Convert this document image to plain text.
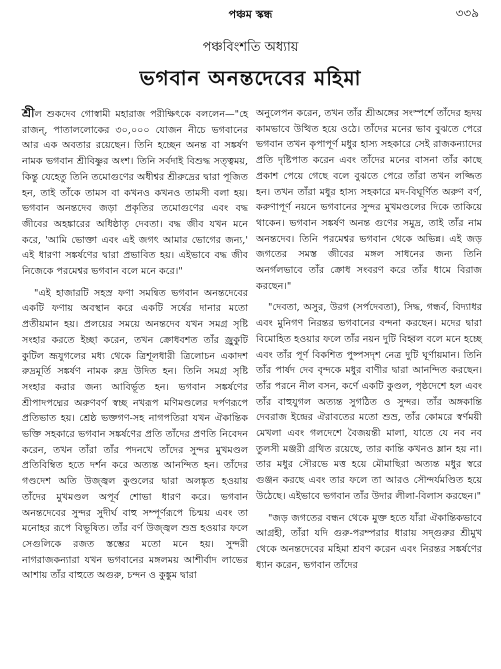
পঞ্চম স্কন্ধ	৩৩৯
পঞ্চবিংশতি অধ্যায়
ভগবান অনন্তদেবের মহিমা

শ্রীল শুকদেব গোস্বামী মহারাজ পরীক্ষিৎকে বললেন—"হে রাজন্, পাতাললোকের ৩০,০০০ যোজন নীচে ভগবানের আর এক অবতার রয়েছেন। তিনি হচ্ছেন অনন্ত বা সঙ্কর্ষণ নামক ভগবান শ্রীবিষ্ণুর অংশ। তিনি সর্বদাই বিশুদ্ধ সত্ত্বময়, কিন্তু যেহেতু তিনি তমোগুণের অধীশ্বর শ্রীরুদ্রের দ্বারা পূজিত হন, তাই তাঁকে তামস বা কখনও কখনও তামসী বলা হয়। ভগবান অনন্তদেব জড়া প্রকৃতির তমোগুণের এবং বদ্ধ জীবের অহঙ্কারের অধিষ্ঠাতৃ দেবতা। বদ্ধ জীব যখন মনে করে, 'আমি ভোক্তা এবং এই জগৎ আমার ভোগের জন্য,' এই ধারণা সঙ্কর্ষণের দ্বারা প্রভাবিত হয়। এইভাবে বদ্ধ জীব নিজেকে পরমেশ্বর ভগবান বলে মনে করে।"

"এই হাজারটি সহস্র ফণা সমন্বিত ভগবান অনন্তদেবের একটি ফণায় অবস্থান করে একটি সর্ষের দানার মতো প্রতীয়মান হয়। প্রলয়ের সময়ে অনন্তদেব যখন সমগ্র সৃষ্টি সংহার করতে ইচ্ছা করেন, তখন ক্রোধবশত তাঁর জ্রুকুটি কুটিল ভ্রূযুগলের মধ্য থেকে ত্রিশূলধারী ত্রিলোচন একাদশ রুদ্রমূর্তি সঙ্কর্ষণ নামক রুদ্র উদিত হন। তিনি সমগ্র সৃষ্টি সংহার করার জন্য আবির্ভূত হন। ভগবান সঙ্কর্ষণের শ্রীপাদপদ্মের অরুণবর্ণ স্বচ্ছ নখরূপ মণিমণ্ডলের দর্পণরূপে প্রতিভাত হয়। শ্রেষ্ঠ ভক্তগণ-সহ নাগপতিরা যখন ঐকান্তিক ভক্তি সহকারে ভগবান সঙ্কর্ষণের প্রতি তাঁদের প্রণতি নিবেদন করেন, তখন তাঁরা তাঁর পদনখে তাঁদের সুন্দর মুখমণ্ডল প্রতিবিম্বিত হতে দর্শন করে অত্যন্ত আনন্দিত হন। তাঁদের গণ্ডদেশ অতি উজ্জ্বল কুণ্ডলের দ্বারা অলঙ্কৃত হওয়ায় তাঁদের মুখমণ্ডল অপূর্ব শোভা ধারণ করে। ভগবান অনন্তদেবের সুন্দর সুদীর্ঘ বাহু সম্পূর্ণরূপে চিন্ময় এবং তা মনোহর রূপে বিভূষিত। তাঁর বর্ণ উজ্জ্বল শুভ্র হওয়ার ফলে সেগুলিকে রজত স্তম্ভের মতো মনে হয়। সুন্দরী নাগরাজকন্যারা যখন ভগবানের মঙ্গলময় আশীর্বাদ লাভের আশায় তাঁর বাহুতে অগুরু, চন্দন ও কুঙ্কুম দ্বারা

অনুলেপন করেন, তখন তাঁর শ্রীঅঙ্গের সংস্পর্শে তাঁদের হৃদয় কামভাবে উত্থিত হয়ে ওঠে। তাঁদের মনের ভাব বুঝতে পেরে ভগবান তখন কৃপাপূর্ণ মধুর হাস্য সহকারে সেই রাজকন্যাদের প্রতি দৃষ্টিপাত করেন এবং তাঁদের মনের বাসনা তাঁর কাছে প্রকাশ পেয়ে গেছে বলে বুঝতে পেরে তাঁরা তখন লজ্জিত হন। তখন তাঁরা মধুর হাস্য সহকারে মদ-বিঘূর্ণিত অরুণ বর্ণ, করুণাপূর্ণ নয়নে ভগবানের সুন্দর মুখমণ্ডলের দিকে তাকিয়ে থাকেন। ভগবান সঙ্কর্ষণ অনন্ত গুণের সমুদ্র, তাই তাঁর নাম অনন্তদেব। তিনি পরমেশ্বর ভগবান থেকে অভিন্ন। এই জড় জগতের সমস্ত জীবের মঙ্গল সাধনের জন্য তিনি অনর্গলভাবে তাঁর ক্রোধ সংবরণ করে তাঁর ধামে বিরাজ করছেন।"

"দেবতা, অসুর, উরগ (সর্পদেবতা), সিদ্ধ, গন্ধর্ব, বিদ্যাধর এবং মুনিগণ নিরন্তর ভগবানের বন্দনা করছেন। মদের দ্বারা বিমোহিত হওয়ার ফলে তাঁর নয়ন দুটি বিহ্বল বলে মনে হচ্ছে এবং তাঁর পূর্ণ বিকশিত পুষ্পসদৃশ নেত্র দুটি ঘূর্ণায়মান। তিনি তাঁর পার্ষদ দেব বৃন্দকে মধুর বাণীর দ্বারা আনন্দিত করছেন। তাঁর পরনে নীল বসন, কর্ণে একটি কুণ্ডল, পৃষ্ঠদেশে হল এবং তাঁর বাহুযুগল অত্যন্ত সুগঠিত ও সুন্দর। তাঁর অঙ্গকান্তি দেবরাজ ইন্দ্রের ঐরাবতের মতো শুভ্র, তাঁর কোমরে স্বর্ণময়ী মেখলা এবং গলদেশে বৈজয়ন্তী মালা, যাতে যে নব নব তুলসী মঞ্জরী গ্রথিত রয়েছে, তার কান্তি কখনও ম্লান হয় না। তার মধুর সৌরভে মত্ত হয়ে মৌমাছিরা অত্যন্ত মধুর স্বরে গুঞ্জন করছে এবং তার ফলে তা আরও সৌন্দর্যমণ্ডিত হয়ে উঠেছে। এইভাবে ভগবান তাঁর উদার লীলা-বিলাস করছেন।"

"জড় জগতের বন্ধন থেকে মুক্ত হতে যাঁরা ঐকান্তিকভাবে আগ্রহী, তাঁরা যদি গুরু-পরম্পরার ধারায় সদ্গুরুর শ্রীমুখ থেকে অনন্তদেবের মহিমা শ্রবণ করেন এবং নিরন্তর সঙ্কর্ষণের ধ্যান করেন, ভগবান তাঁদের
